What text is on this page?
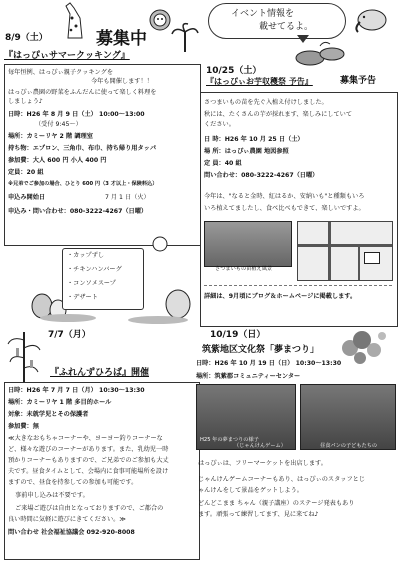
イベント情報を
載せてるよ。
8/9（土）	募集中
『はっぴぃサマークッキング』
毎年恒例、はっぴぃ親子クッキングを
今年も開催します！！
はっぴぃ農園の野菜をふんだんに使って楽しく料理を
しましょう♪
日時：H26 年 8 月 9 日（土） 10:00～13:00
（受付 9:45～）
場所：カミーリヤ 2 階 調理室
持ち物：エプロン、三角巾、布巾、持ち帰り用タッパ
参加費：大人 600 円 小人 400 円
定員：20 組
※兄弟でご参加の場合、ひとり 600 円（3 才以上・保険料込）
申込み開始日	7 月 1 日（火）
申込み・問い合わせ：080-3222-4267（日曜）
・カップずし
・チキンハンバーグ
・コンソメスープ
・デザート
10/25（土）
『はっぴぃお芋収穫祭 予告』	募集予告
さつまいもの苗を先ぐ入植え付けしました。
秋には、たくさんの芋が採れます、楽しみにしていて
ください。
日 時：H26 年 10 月 25 日（土）
場 所：はっぴぃ農園 地図参照
定 員：40 組
問い合わせ：080-3222-4267（日曜）
今年は、"なると金時、紅はるか、安納いも"と種類もいろ
いろ植えてましたし、食べ比べもできて、楽しいですよ。
さつまいもの苗植え風景
詳細は、9月頃にブログ＆ホームページに掲載します。
7/7（月）
『ふれんずひろば』開催
日時：H26 年 7 月 7 日（月） 10:30～13:30
場所：カミーリヤ 1 階 多目的ホール
対象：未就学児とその保護者
参加費：無
≪大きなおもちゃコーナーや、ヨーヨー釣りコーナーな
ど、様々な遊びのコーナーがあります。また、乳幼児一時
預かりコーナーもありますので、ご兄弟でのご参加も大丈
夫です。昼食タイムとして、会場内に食事可能場所を設け
ますので、昼食を持参しての参加も可能です。
事前申し込みは不要です。
ご来場ご遊びは自由となっておりますので、ご都合の
良い時間に気軽に遊びにきてください。≫
問い合わせ 社会福祉協議会 092-920-8008
10/19（日）
筑紫地区文化祭「夢まつり」
日時：H26 年 10 月 19 日（日） 10:30～13:30
場所：筑紫郡コミュニティーセンター
H25 年の夢まつりの様子
（じゃんけんゲーム）	昼食パンの子どもたちの
はっぴぃは、フリーマーケットを出店します。
じゃんけんゲームコーナーもあり、はっぴぃのスタッフとじ
ゃんけんをして景品をゲットしよう。
どんどこまま ちゃん（親子講座）のステージ発表もあり
ます。頑張って練習してます、見に来てね♪
